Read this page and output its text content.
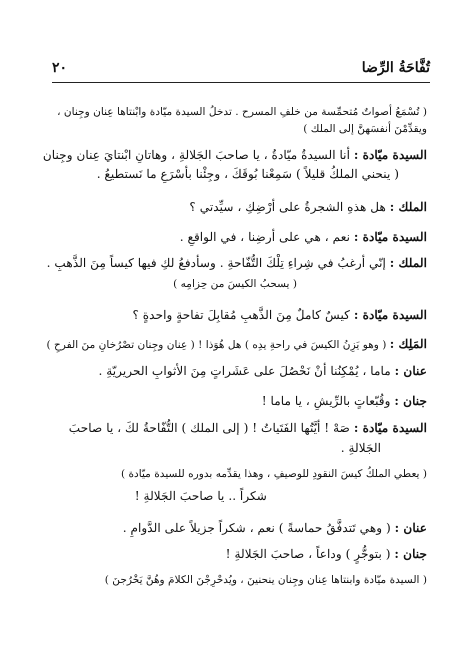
تُفَّاحَةُ الرِّضا
٢٠
( تُسْمَعُ أصواتٌ مُتحمِّسة من خلفِ المسرح . تدخلُ السيدة ميّادة وابْنتاها عِنان وجِنان ،
ويقدِّمْنَ أنفسَهنَّ إلى الملك )
السيدة ميّادة : أنا السيدةُ ميّادةُ ، يا صاحبَ الجَلالةِ ، وهاتانِ ابْنتايَ عِنان وجِنان
( ينحني الملكُ قليلاً ) سَمِعْنا بُوقَكَ ، وجِئْنا بأسْرَعِ ما نَستطيعُ .
الملك : هل هذهِ الشجرةُ على أرْضِكِ ، سيِّدتي ؟
السيدة ميّادة : نعم ، هي على أرضِنا ، في الواقعِ .
الملك : إنّي أرغبُ في شِراءِ تِلْكَ التُّفّاحةِ . وسأدفعُ لكِ فيها كيساً مِنَ الذَّهبِ .
( يسحبُ الكيسَ من حِزامِه )
السيدة ميّادة : كيسٌ كاملٌ مِنَ الذَّهبِ مُقابِلَ تفاحةٍ واحدةٍ ؟
المَلِك : ( وهو يَزِنُ الكيسَ في راحةِ يدِه ) هل هُوَذا ! ( عِنان وجِنان تصْرُخانِ منَ الفرحِ )
عنان : ماما ، يُمْكِنُنا أنْ نَحْصُلَ على عَشَراتٍ مِنَ الأثوابِ الحريريّةِ .
جنان : وقُبّعاتٍ بالرِّيشِ ، يا ماما !
السيدة ميّادة : صَهْ ! أيَّتُها الفَتَياتُ ! ( إلى الملك ) التُّفّاحةُ لكَ ، يا صاحبَ
الجَلالةِ .
( يعطي الملكُ كيسَ النقودِ للوصيفِ ، وهذا يقدِّمه بدوره للسيدة ميّادة )
شكراً .. يا صاحبَ الجَلالةِ !
عنان : ( وهي تَتدفَّقُ حماسةً ) نعم ، شكراً جزيلاً على الدَّوامِ .
جنان : ( بتوجُّرٍ ) وداعاً ، صاحبَ الجَلالةِ !
( السيدة ميّادة وابنتاها عِنان وجِنان ينحنينَ ، ويُدحْرِجْنَ الكلامَ وهُنَّ يَخْرُجنَ )
